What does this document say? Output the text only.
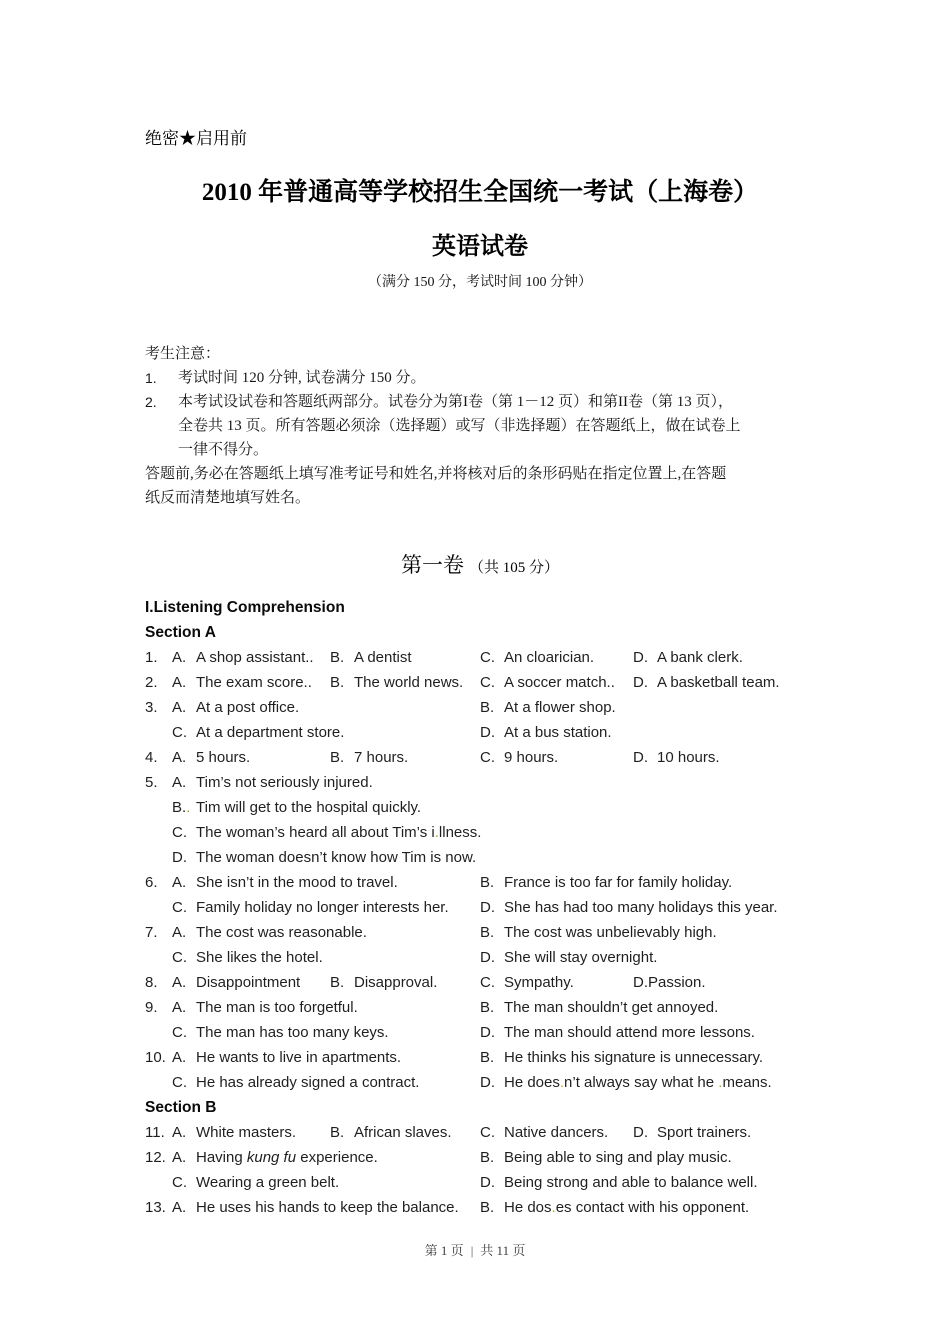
绝密★启用前
2010 年普通高等学校招生全国统一考试（上海卷）
英语试卷
（满分 150 分，考试时间 100 分钟）
考生注意：
1.	考试时间 120 分钟, 试卷满分 150 分。
2.	本考试设试卷和答题纸两部分。试卷分为第I卷（第 1－12 页）和第II卷（第 13 页），
全卷共 13 页。所有答题必须涂（选择题）或写（非选择题）在答题纸上，做在试卷上
一律不得分。
答题前,务必在答题纸上填写准考证号和姓名,并将核对后的条形码贴在指定位置上,在答题
纸反而清楚地填写姓名。
第一卷 （共 105 分）
I.Listening Comprehension
Section A
1. A. A shop assistant..	B. A dentist	C. An cloarician.	D. A bank clerk.
2. A. The exam score..	B. The world news.	C. A soccer match..	D. A basketball team.
3. A. At a post office.	B. At a flower shop.
C. At a department store.	D. At a bus station.
4. A. 5 hours.	B. 7 hours.	C. 9 hours.	D. 10 hours.
5. A. Tim’s not seriously injured.
B.. Tim will get to the hospital quickly.
C. The woman’s heard all about Tim’s i.llness.
D. The woman doesn’t know how Tim is now.
6. A. She isn’t in the mood to travel.	B. France is too far for family holiday.
C. Family holiday no longer interests her.	D. She has had too many holidays this year.
7. A. The cost was reasonable.	B. The cost was unbelievably high.
C. She likes the hotel.	D. She will stay overnight.
8. A. Disappointment	B. Disapproval.	C. Sympathy.	D.Passion.
9. A. The man is too forgetful.	B. The man shouldn’t get annoyed.
C. The man has too many keys.	D. The man should attend more lessons.
10. A. He wants to live in apartments.	B. He thinks his signature is unnecessary.
C. He has already signed a contract.	D. He does.n’t always say what he .means.
Section B
11. A. White masters.	B. African slaves.	C. Native dancers.	D. Sport trainers.
12. A. Having kung fu experience.	B. Being able to sing and play music.
C. Wearing a green belt.	D. Being strong and able to balance well.
13. A. He uses his hands to keep the balance.	B. He dos.es contact with his opponent.
第 1 页 | 共 11 页
